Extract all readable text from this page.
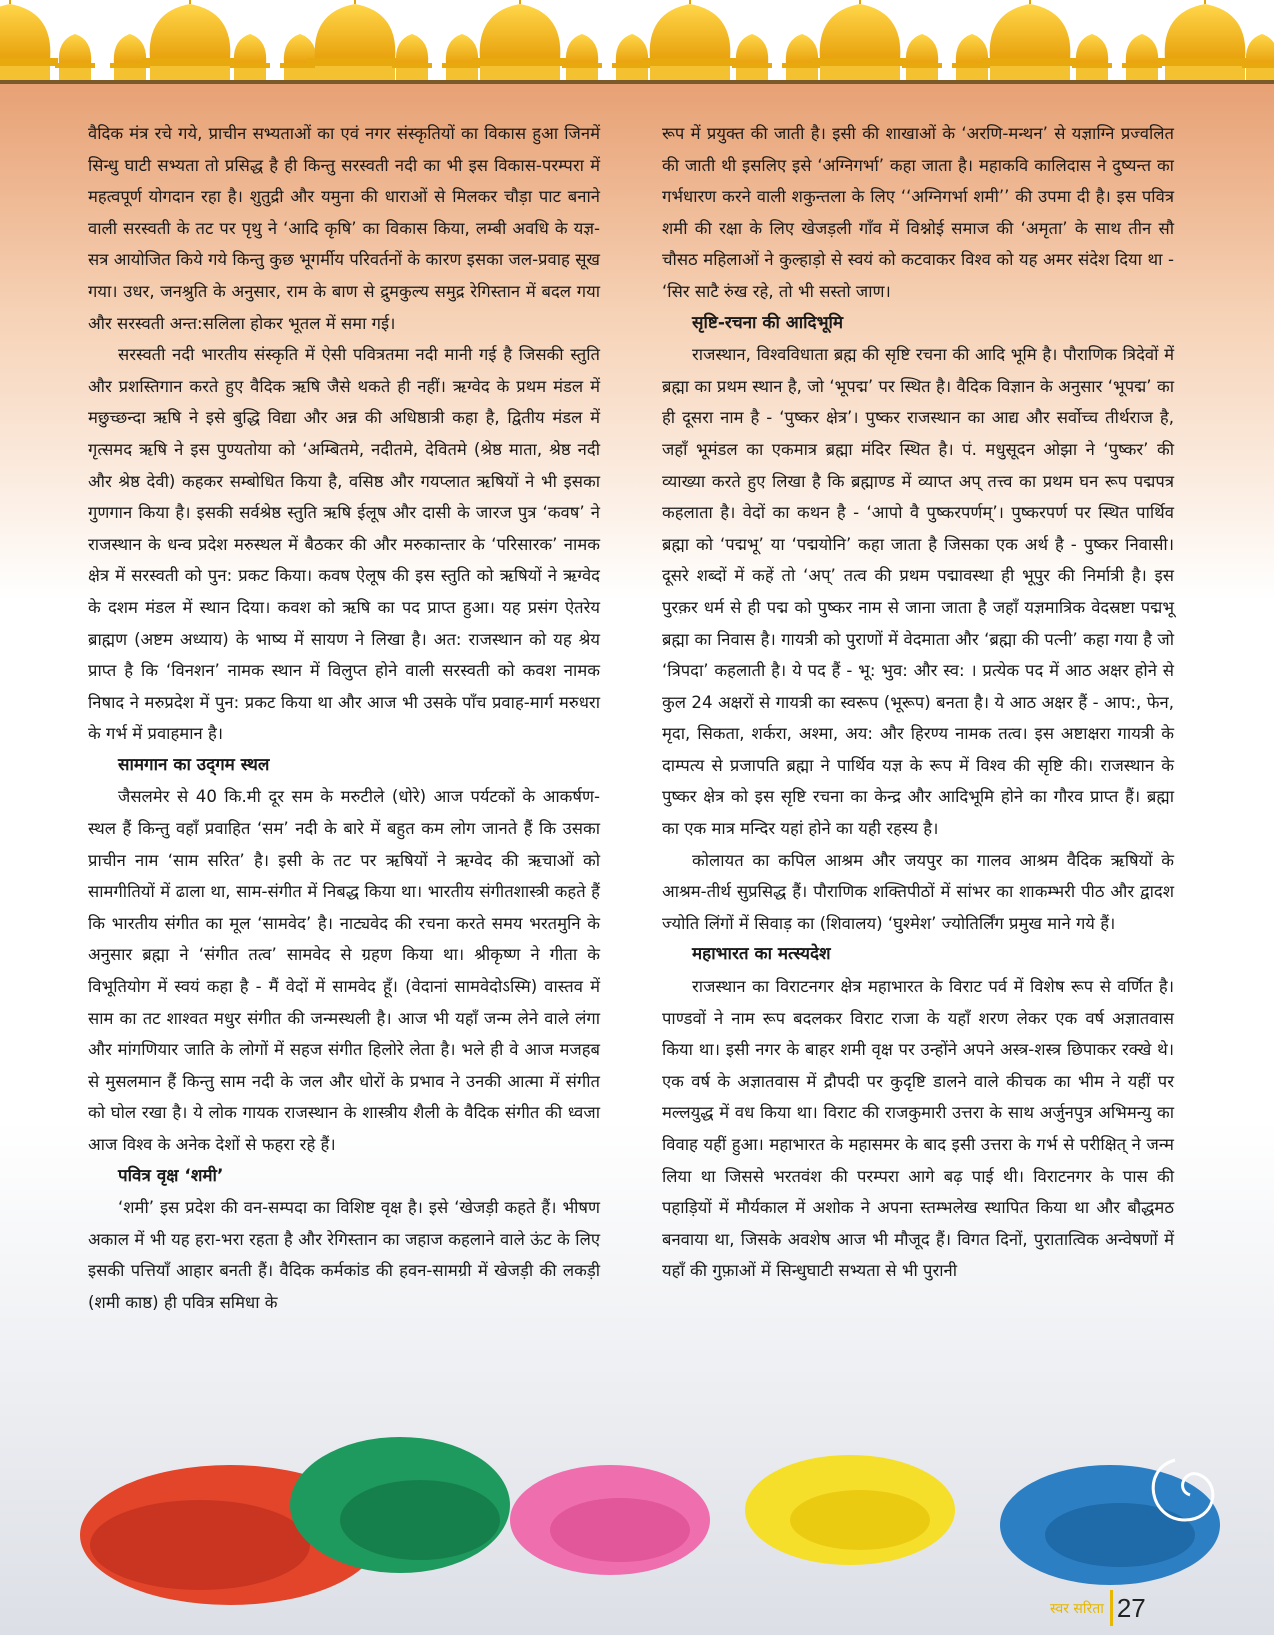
वैदिक मंत्र रचे गये, प्राचीन सभ्यताओं का एवं नगर संस्कृतियों का विकास हुआ जिनमें सिन्धु घाटी सभ्यता तो प्रसिद्ध है ही किन्तु सरस्वती नदी का भी इस विकास-परम्परा में महत्वपूर्ण योगदान रहा है। शुतुद्री और यमुना की धाराओं से मिलकर चौड़ा पाट बनाने वाली सरस्वती के तट पर पृथु ने ‘आदि कृषि’ का विकास किया, लम्बी अवधि के यज्ञ-सत्र आयोजित किये गये किन्तु कुछ भूगर्मीय परिवर्तनों के कारण इसका जल-प्रवाह सूख गया। उधर, जनश्रुति के अनुसार, राम के बाण से द्रुमकुल्य समुद्र रेगिस्तान में बदल गया और सरस्वती अन्त:सलिला होकर भूतल में समा गई।

सरस्वती नदी भारतीय संस्कृति में ऐसी पवित्रतमा नदी मानी गई है जिसकी स्तुति और प्रशस्तिगान करते हुए वैदिक ऋषि जैसे थकते ही नहीं। ऋग्वेद के प्रथम मंडल में मछुच्छन्दा ऋषि ने इसे बुद्धि विद्या और अन्न की अधिष्ठात्री कहा है, द्वितीय मंडल में गृत्समद ऋषि ने इस पुण्यतोया को ‘अम्बितमे, नदीतमे, देवितमे (श्रेष्ठ माता, श्रेष्ठ नदी और श्रेष्ठ देवी) कहकर सम्बोधित किया है, वसिष्ठ और गयप्लात ऋषियों ने भी इसका गुणगान किया है। इसकी सर्वश्रेष्ठ स्तुति ऋषि ईलूष और दासी के जारज पुत्र ‘कवष’ ने राजस्थान के धन्व प्रदेश मरुस्थल में बैठकर की और मरुकान्तार के ‘परिसारक’ नामक क्षेत्र में सरस्वती को पुन: प्रकट किया। कवष ऐलूष की इस स्तुति को ऋषियों ने ऋग्वेद के दशम मंडल में स्थान दिया। कवश को ऋषि का पद प्राप्त हुआ। यह प्रसंग ऐतरेय ब्राह्मण (अष्टम अध्याय) के भाष्य में सायण ने लिखा है। अत: राजस्थान को यह श्रेय प्राप्त है कि ‘विनशन’ नामक स्थान में विलुप्त होने वाली सरस्वती को कवश नामक निषाद ने मरुप्रदेश में पुन: प्रकट किया था और आज भी उसके पाँच प्रवाह-मार्ग मरुधरा के गर्भ में प्रवाहमान है।

सामगान का उद्‌गम स्थल

जैसलमेर से 40 कि.मी दूर सम के मरुटीले (धोरे) आज पर्यटकों के आकर्षण- स्थल हैं किन्तु वहाँ प्रवाहित ‘सम’ नदी के बारे में बहुत कम लोग जानते हैं कि उसका प्राचीन नाम ‘साम सरित’ है। इसी के तट पर ऋषियों ने ऋग्वेद की ऋचाओं को सामगीतियों में ढाला था, साम-संगीत में निबद्ध किया था। भारतीय संगीतशास्त्री कहते हैं कि भारतीय संगीत का मूल ‘सामवेद’ है। नाट्यवेद की रचना करते समय भरतमुनि के अनुसार ब्रह्मा ने ‘संगीत तत्व’ सामवेद से ग्रहण किया था। श्रीकृष्ण ने गीता के विभूतियोग में स्वयं कहा है - मैं वेदों में सामवेद हूँ। (वेदानां सामवेदोऽस्मि) वास्तव में साम का तट शाश्वत मधुर संगीत की जन्मस्थली है। आज भी यहाँ जन्म लेने वाले लंगा और मांगणियार जाति के लोगों में सहज संगीत हिलोरे लेता है। भले ही वे आज मजहब से मुसलमान हैं किन्तु साम नदी के जल और धोरों के प्रभाव ने उनकी आत्मा में संगीत को घोल रखा है। ये लोक गायक राजस्थान के शास्त्रीय शैली के वैदिक संगीत की ध्वजा आज विश्व के अनेक देशों से फहरा रहे हैं।

पवित्र वृक्ष ‘शमी’

‘शमी’ इस प्रदेश की वन-सम्पदा का विशिष्ट वृक्ष है। इसे ‘खेजड़ी कहते हैं। भीषण अकाल में भी यह हरा-भरा रहता है और रेगिस्तान का जहाज कहलाने वाले ऊंट के लिए इसकी पत्तियाँ आहार बनती हैं। वैदिक कर्मकांड की हवन-सामग्री में खेजड़ी की लकड़ी (शमी काष्ठ) ही पवित्र समिधा के

रूप में प्रयुक्त की जाती है। इसी की शाखाओं के ‘अरणि-मन्थन’ से यज्ञाग्नि प्रज्वलित की जाती थी इसलिए इसे ‘अग्निगर्भा’ कहा जाता है। महाकवि कालिदास ने दुष्यन्त का गर्भधारण करने वाली शकुन्तला के लिए ‘‘अग्निगर्भा शमी’’ की उपमा दी है। इस पवित्र शमी की रक्षा के लिए खेजड़ली गाँव में विश्नोई समाज की ‘अमृता’ के साथ तीन सौ चौसठ महिलाओं ने कुल्हाड़ो से स्वयं को कटवाकर विश्व को यह अमर संदेश दिया था - ‘सिर साटै रुंख रहे, तो भी सस्तो जाण।

सृष्टि-रचना की आदिभूमि

राजस्थान, विश्वविधाता ब्रह्म की सृष्टि रचना की आदि भूमि है। पौराणिक त्रिदेवों में ब्रह्मा का प्रथम स्थान है, जो ‘भूपद्म’ पर स्थित है। वैदिक विज्ञान के अनुसार ‘भूपद्म’ का ही दूसरा नाम है - ‘पुष्कर क्षेत्र’। पुष्कर राजस्थान का आद्य और सर्वोच्च तीर्थराज है, जहाँ भूमंडल का एकमात्र ब्रह्मा मंदिर स्थित है। पं. मधुसूदन ओझा ने ‘पुष्कर’ की व्याख्या करते हुए लिखा है कि ब्रह्माण्ड में व्याप्त अप् तत्त्व का प्रथम घन रूप पद्मपत्र कहलाता है। वेदों का कथन है - ‘आपो वै पुष्करपर्णम्’। पुष्करपर्ण पर स्थित पार्थिव ब्रह्मा को ‘पद्मभू’ या ‘पद्मयोनि’ कहा जाता है जिसका एक अर्थ है - पुष्कर निवासी। दूसरे शब्दों में कहें तो ‘अप्’ तत्व की प्रथम पद्मावस्था ही भूपुर की निर्मात्री है। इस पुरक़र धर्म से ही पद्म को पुष्कर नाम से जाना जाता है जहाँ यज्ञमात्रिक वेदस्रष्टा पद्मभू ब्रह्मा का निवास है। गायत्री को पुराणों में वेदमाता और ‘ब्रह्मा की पत्नी’ कहा गया है जो ‘त्रिपदा’ कहलाती है। ये पद हैं - भू: भुव: और स्व: । प्रत्येक पद में आठ अक्षर होने से कुल 24 अक्षरों से गायत्री का स्वरूप (भूरूप) बनता है। ये आठ अक्षर हैं - आप:, फेन, मृदा, सिकता, शर्करा, अश्मा, अय: और हिरण्य नामक तत्व। इस अष्टाक्षरा गायत्री के दाम्पत्य से प्रजापति ब्रह्मा ने पार्थिव यज्ञ के रूप में विश्व की सृष्टि की। राजस्थान के पुष्कर क्षेत्र को इस सृष्टि रचना का केन्द्र और आदिभूमि होने का गौरव प्राप्त हैं। ब्रह्मा का एक मात्र मन्दिर यहां होने का यही रहस्य है।

कोलायत का कपिल आश्रम और जयपुर का गालव आश्रम वैदिक ऋषियों के आश्रम-तीर्थ सुप्रसिद्ध हैं। पौराणिक शक्तिपीठों में सांभर का शाकम्भरी पीठ और द्वादश ज्योति लिंगों में सिवाड़ का (शिवालय) ‘घुश्मेश’ ज्योतिर्लिंग प्रमुख माने गये हैं।

महाभारत का मत्स्यदेश

राजस्थान का विराटनगर क्षेत्र महाभारत के विराट पर्व में विशेष रूप से वर्णित है। पाण्डवों ने नाम रूप बदलकर विराट राजा के यहाँ शरण लेकर एक वर्ष अज्ञातवास किया था। इसी नगर के बाहर शमी वृक्ष पर उन्होंने अपने अस्त्र-शस्त्र छिपाकर रक्खे थे। एक वर्ष के अज्ञातवास में द्रौपदी पर कुदृष्टि डालने वाले कीचक का भीम ने यहीं पर मल्लयुद्ध में वध किया था। विराट की राजकुमारी उत्तरा के साथ अर्जुनपुत्र अभिमन्यु का विवाह यहीं हुआ। महाभारत के महासमर के बाद इसी उत्तरा के गर्भ से परीक्षित् ने जन्म लिया था जिससे भरतवंश की परम्परा आगे बढ़ पाई थी। विराटनगर के पास की पहाड़ियों में मौर्यकाल में अशोक ने अपना स्तम्भलेख स्थापित किया था और बौद्धमठ बनवाया था, जिसके अवशेष आज भी मौजूद हैं। विगत दिनों, पुरातात्विक अन्वेषणों में यहाँ की गुफ़ाओं में सिन्धुघाटी सभ्यता से भी पुरानी

स्वर सरिता 27
